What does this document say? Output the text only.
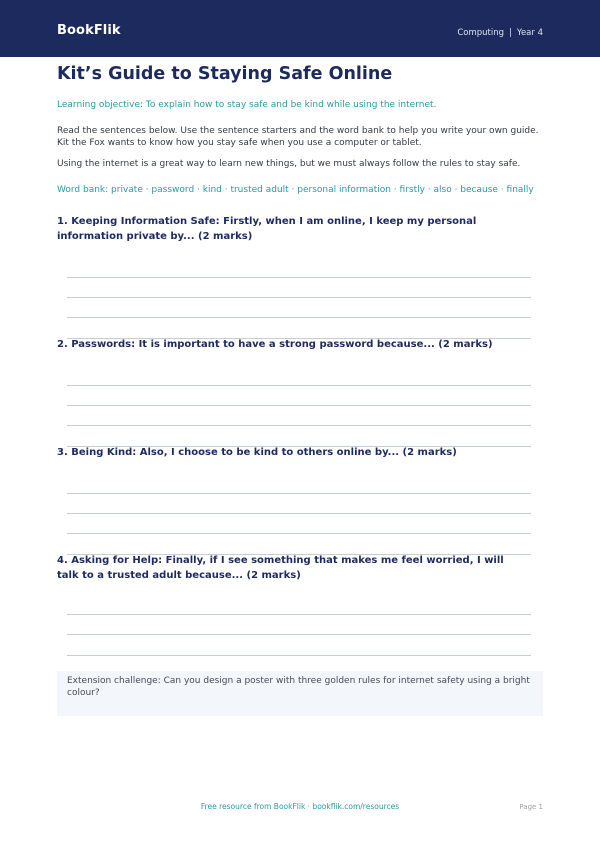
BookFlik	Computing | Year 4
Kit’s Guide to Staying Safe Online
Learning objective: To explain how to stay safe and be kind while using the internet.
Read the sentences below. Use the sentence starters and the word bank to help you write your own guide. Kit the Fox wants to know how you stay safe when you use a computer or tablet.
Using the internet is a great way to learn new things, but we must always follow the rules to stay safe.
Word bank: private · password · kind · trusted adult · personal information · firstly · also · because · finally

1. Keeping Information Safe: Firstly, when I am online, I keep my personal information private by... (2 marks)

2. Passwords: It is important to have a strong password because... (2 marks)

3. Being Kind: Also, I choose to be kind to others online by... (2 marks)

4. Asking for Help: Finally, if I see something that makes me feel worried, I will talk to a trusted adult because... (2 marks)

Extension challenge: Can you design a poster with three golden rules for internet safety using a bright colour?
Free resource from BookFlik · bookflik.com/resources	Page 1
